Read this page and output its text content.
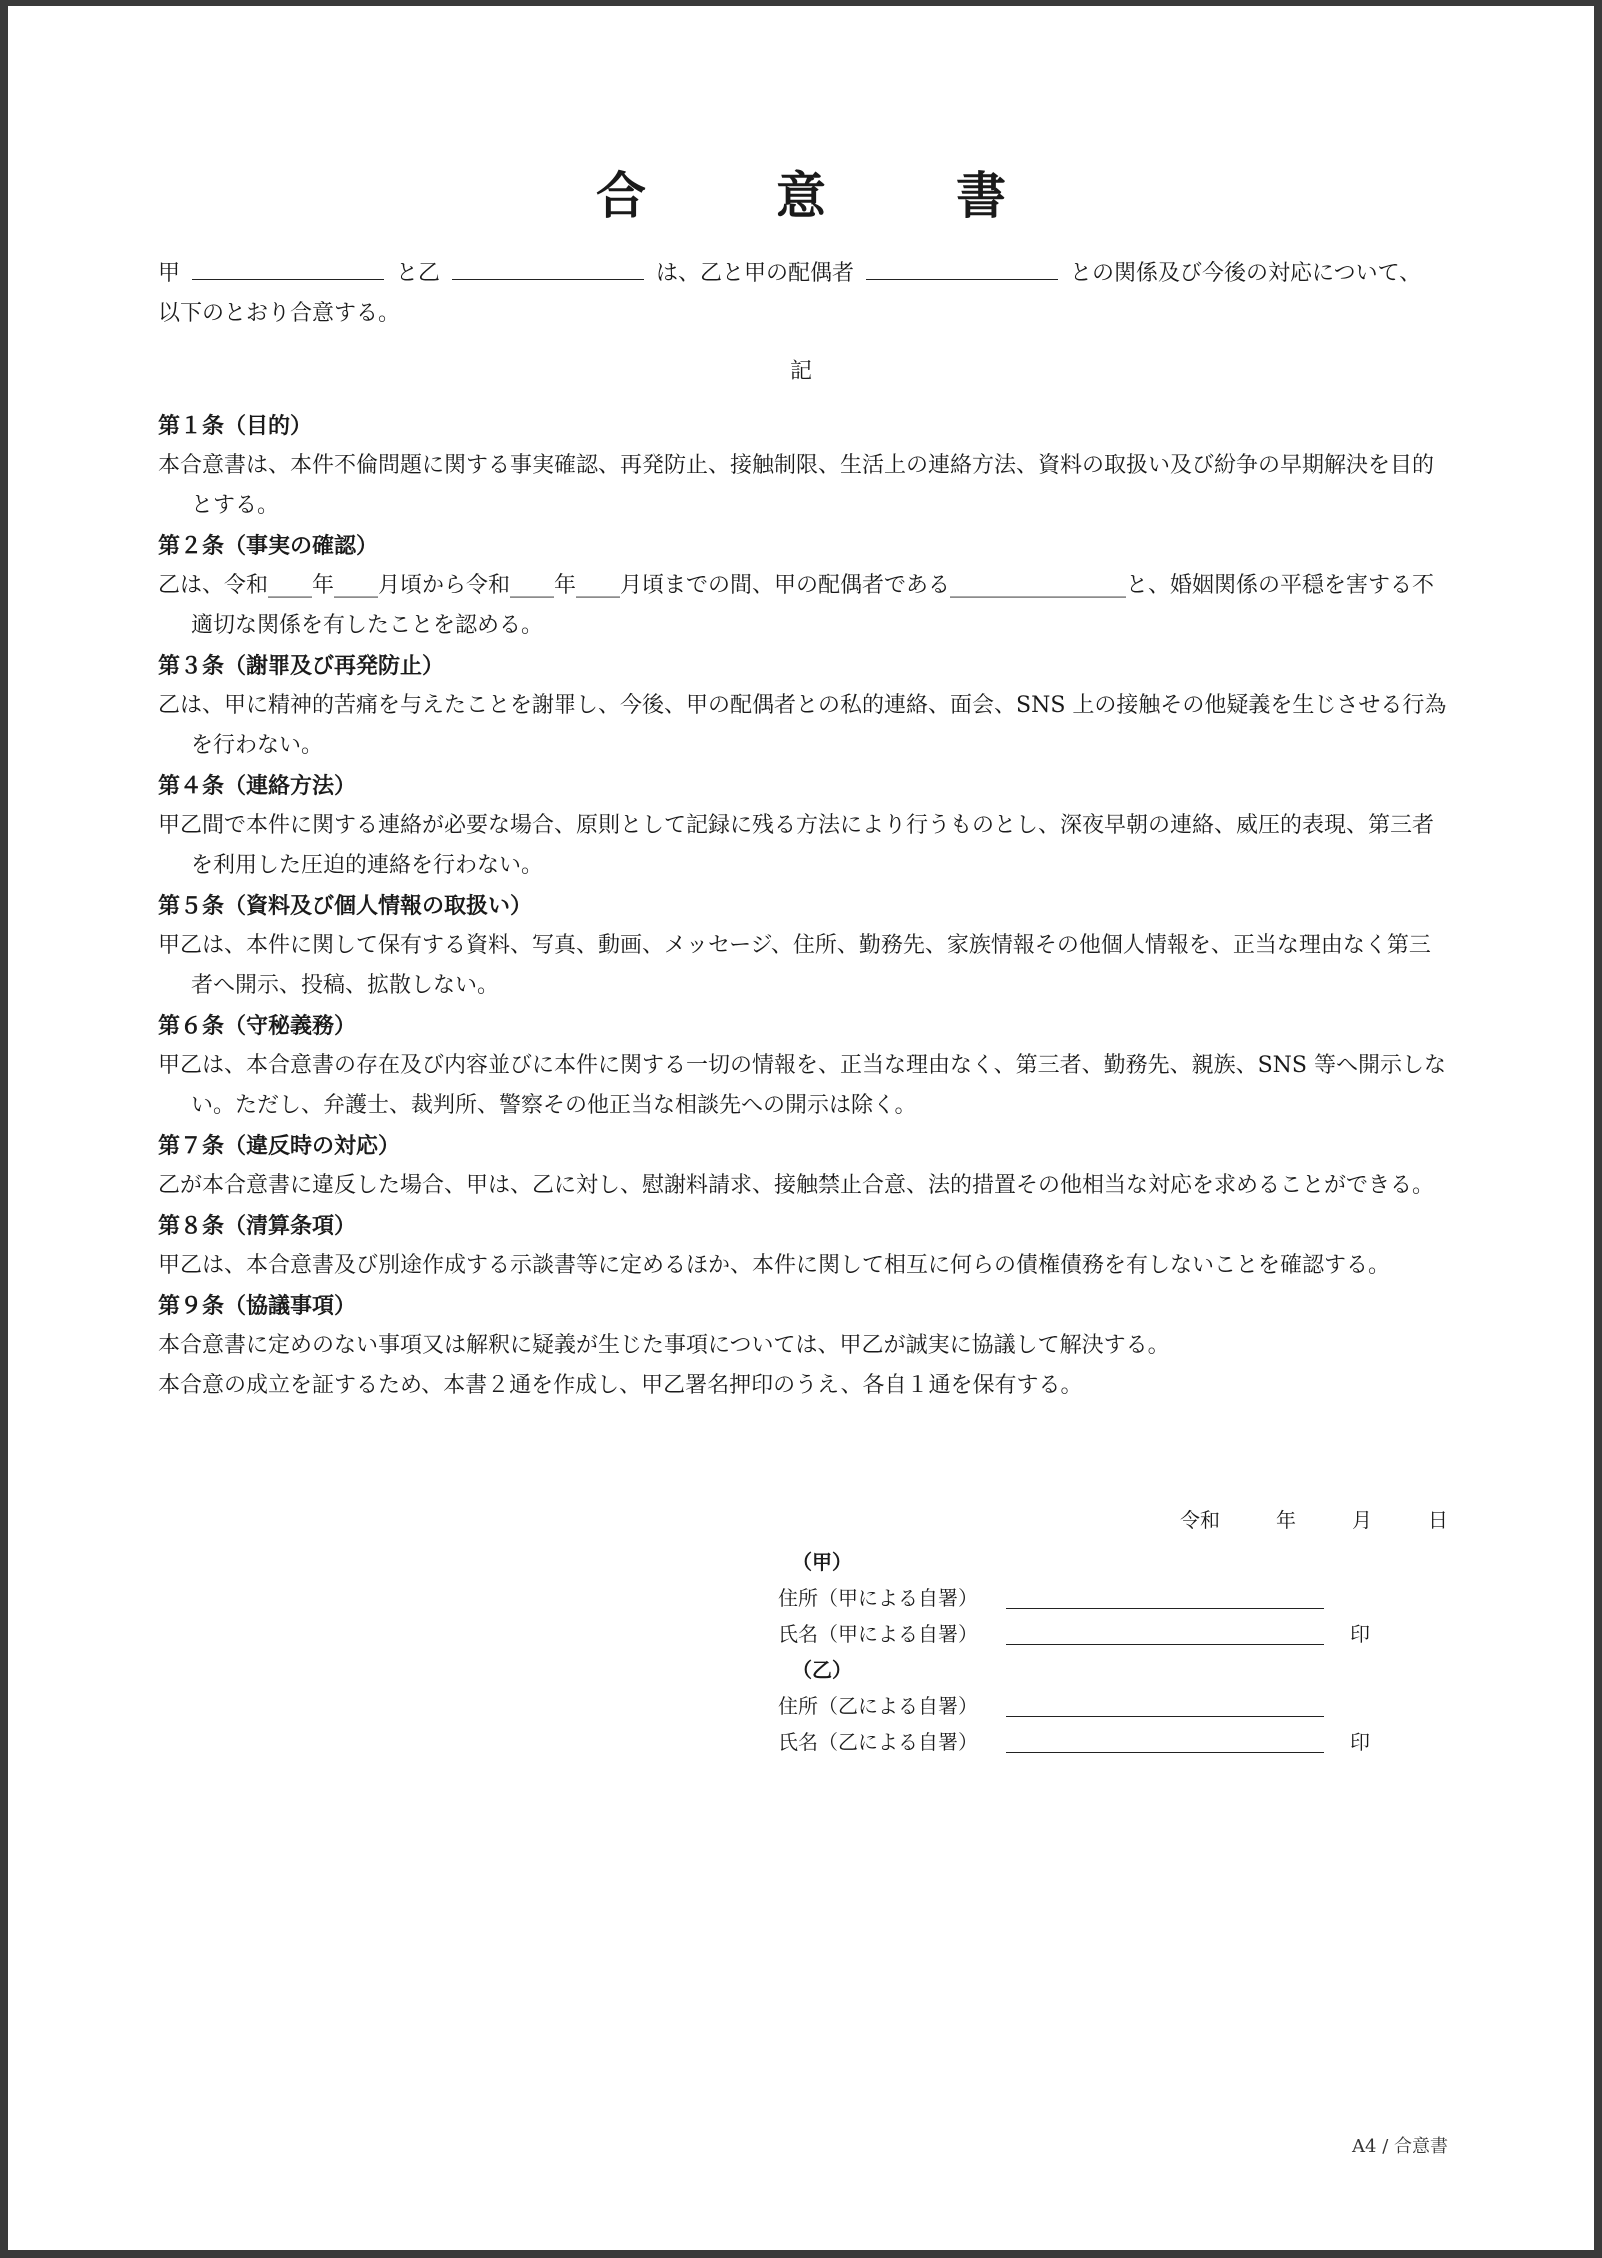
合　意　書
甲	と乙	は、乙と甲の配偶者	との関係及び今後の対応について、
以下のとおり合意する。
記
第１条（目的）
本合意書は、本件不倫問題に関する事実確認、再発防止、接触制限、生活上の連絡方法、資料の取扱い及び紛争の早期解決を目的とする。
第２条（事実の確認）
乙は、令和____年____月頃から令和____年____月頃までの間、甲の配偶者である________________と、婚姻関係の平穏を害する不適切な関係を有したことを認める。
第３条（謝罪及び再発防止）
乙は、甲に精神的苦痛を与えたことを謝罪し、今後、甲の配偶者との私的連絡、面会、SNS 上の接触その他疑義を生じさせる行為を行わない。
第４条（連絡方法）
甲乙間で本件に関する連絡が必要な場合、原則として記録に残る方法により行うものとし、深夜早朝の連絡、威圧的表現、第三者を利用した圧迫的連絡を行わない。
第５条（資料及び個人情報の取扱い）
甲乙は、本件に関して保有する資料、写真、動画、メッセージ、住所、勤務先、家族情報その他個人情報を、正当な理由なく第三者へ開示、投稿、拡散しない。
第６条（守秘義務）
甲乙は、本合意書の存在及び内容並びに本件に関する一切の情報を、正当な理由なく、第三者、勤務先、親族、SNS 等へ開示しない。ただし、弁護士、裁判所、警察その他正当な相談先への開示は除く。
第７条（違反時の対応）
乙が本合意書に違反した場合、甲は、乙に対し、慰謝料請求、接触禁止合意、法的措置その他相当な対応を求めることができる。
第８条（清算条項）
甲乙は、本合意書及び別途作成する示談書等に定めるほか、本件に関して相互に何らの債権債務を有しないことを確認する。
第９条（協議事項）
本合意書に定めのない事項又は解釈に疑義が生じた事項については、甲乙が誠実に協議して解決する。
本合意の成立を証するため、本書２通を作成し、甲乙署名押印のうえ、各自１通を保有する。
令和	年	月	日
（甲）
住所（甲による自署）
氏名（甲による自署）	印
（乙）
住所（乙による自署）
氏名（乙による自署）	印
A4 / 合意書
